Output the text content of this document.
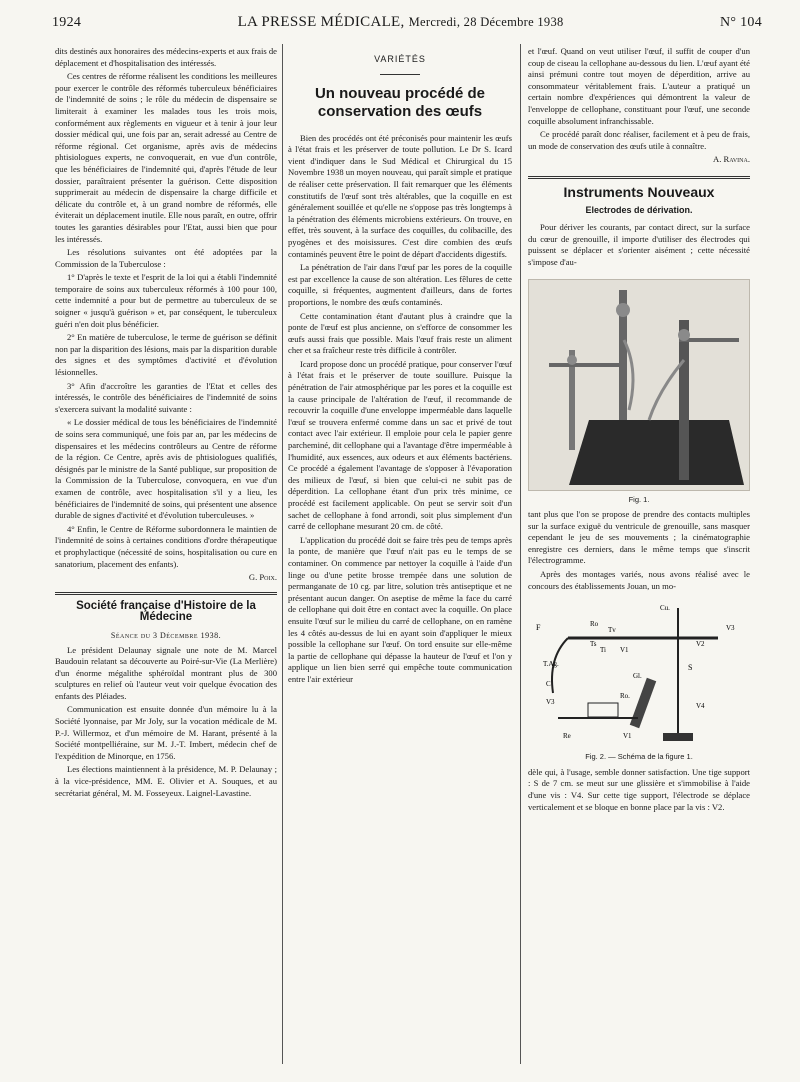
1924	LA PRESSE MÉDICALE, Mercredi, 28 Décembre 1938	N° 104

dits destinés aux honoraires des médecins-experts et aux frais de déplacement et d'hospitalisation des intéressés.

Ces centres de réforme réalisent les conditions les meilleures pour exercer le contrôle des réformés tuberculeux bénéficiaires de l'indemnité de soins ; le rôle du médecin de dispensaire se limiterait à examiner les malades tous les trois mois, conformément aux règlements en vigueur et à tenir à jour leur dossier médical qui, une fois par an, serait adressé au Centre de réforme régional. Cet organisme, après avis de médecins phtisiologues experts, ne convoquerait, en vue d'un contrôle, que les bénéficiaires de l'indemnité qui, d'après l'étude de leur dossier, paraîtraient présenter la guérison. Cette disposition supprimerait au médecin de dispensaire la charge difficile et délicate du contrôle et, à un grand nombre de réformés, elle éviterait un déplacement inutile. Elle nous paraît, en outre, offrir toutes les garanties désirables pour l'Etat, aussi bien que pour les intéressés.

Les résolutions suivantes ont été adoptées par la Commission de la Tuberculose :

1° D'après le texte et l'esprit de la loi qui a établi l'indemnité temporaire de soins aux tuberculeux réformés à 100 pour 100, cette indemnité a pour but de permettre au tuberculeux de se soigner « jusqu'à guérison » et, par conséquent, le tuberculeux guéri n'en doit plus bénéficier.

2° En matière de tuberculose, le terme de guérison se définit non par la disparition des lésions, mais par la disparition durable des signes et des symptômes d'activité et d'évolution lésionnelles.

3° Afin d'accroître les garanties de l'Etat et celles des intéressés, le contrôle des bénéficiaires de l'indemnité de soins s'exercera suivant la modalité suivante :

« Le dossier médical de tous les bénéficiaires de l'indemnité de soins sera communiqué, une fois par an, par les médecins de dispensaires et les médecins contrôleurs au Centre de réforme de la région. Ce Centre, après avis de phtisiologues qualifiés, désignés par le ministre de la Santé publique, sur proposition de la Commission de la Tuberculose, convoquera, en vue d'un examen de contrôle, avec hospitalisation s'il y a lieu, les bénéficiaires de l'indemnité de soins, qui présentent une absence durable de signes d'activité et d'évolution tuberculeuses. »

4° Enfin, le Centre de Réforme subordonnera le maintien de l'indemnité de soins à certaines conditions d'ordre thérapeutique et prophylactique (nécessité de soins, hospitalisation ou cure en sanatorium, placement des enfants).

G. Poix.
Société française d'Histoire de la Médecine
Séance du 3 Décembre 1938.

Le président Delaunay signale une note de M. Marcel Baudouin relatant sa découverte au Poiré-sur-Vie (La Merlière) d'un énorme mégalithe sphéroïdal montrant plus de 300 sculptures en relief où l'auteur veut voir quelque évocation des enfants des Pléiades.

Communication est ensuite donnée d'un mémoire lu à la Société lyonnaise, par Mr Joly, sur la vocation médicale de M. P.-J. Willermoz, et d'un mémoire de M. Harant, présenté à la Société montpelliéraine, sur M. J.-T. Imbert, médecin chef de l'expédition de Minorque, en 1756.

Les élections maintiennent à la présidence, M. P. Delaunay ; à la vice-présidence, MM. E. Olivier et A. Souques, et au secrétariat général, M. M. Fosseyeux. Laignel-Lavastine.

VARIÉTÉS
Un nouveau procédé de conservation des œufs

Bien des procédés ont été préconisés pour maintenir les œufs à l'état frais et les préserver de toute pollution. Le Dr S. Icard vient d'indiquer dans le Sud Médical et Chirurgical du 15 Novembre 1938 un moyen nouveau, qui paraît simple et pratique de réaliser cette préservation. Il fait remarquer que les éléments constitutifs de l'œuf sont très altérables, que la coquille en est généralement souillée et qu'elle ne s'oppose pas très longtemps à la pénétration des éléments microbiens extérieurs. On trouve, en effet, très souvent, à la surface des coquilles, du colibacille, des pyogènes et des moisissures. C'est dire combien des œufs contaminés peuvent être le point de départ d'accidents digestifs.

La pénétration de l'air dans l'œuf par les pores de la coquille est par excellence la cause de son altération. Les fêlures de cette coquille, si fréquentes, augmentent d'ailleurs, dans de fortes proportions, le nombre des œufs contaminés.

Cette contamination étant d'autant plus à craindre que la ponte de l'œuf est plus ancienne, on s'efforce de consommer les œufs aussi frais que possible. Mais l'œuf frais reste un aliment cher et sa fraîcheur reste très difficile à contrôler.

Icard propose donc un procédé pratique, pour conserver l'œuf à l'état frais et le préserver de toute souillure. Puisque la pénétration de l'air atmosphérique par les pores et la coquille est la cause principale de l'altération de l'œuf, il recommande de recouvrir la coquille d'une enveloppe imperméable dans laquelle l'œuf se trouvera enfermé comme dans un sac et privé de tout contact avec l'air extérieur. Il emploie pour cela le papier genre parcheminé, dit cellophane qui a l'avantage d'être imperméable à l'humidité, aux essences, aux odeurs et aux éléments bactériens. Ce procédé a également l'avantage de s'opposer à l'évaporation des milieux de l'œuf, si bien que celui-ci ne subit pas de déperdition. La cellophane étant d'un prix très minime, ce procédé est facilement applicable. On peut se servir soit d'un sachet de cellophane à fond arrondi, soit plus simplement d'un carré de cellophane mesurant 20 cm. de côté.

L'application du procédé doit se faire très peu de temps après la ponte, de manière que l'œuf n'ait pas eu le temps de se contaminer. On commence par nettoyer la coquille à l'aide d'un linge ou d'une petite brosse trempée dans une solution de permanganate de 10 cg. par litre, solution très antiseptique et ne présentant aucun danger. On aseptise de même la face du carré de cellophane qui doit être en contact avec la coquille. On place ensuite l'œuf sur le milieu du carré de cellophane, on en ramène les 4 côtés au-dessus de lui en ayant soin d'appliquer le mieux possible la cellophane sur l'œuf. On tord ensuite sur elle-même la partie de cellophane qui dépasse la hauteur de l'œuf et l'on y applique un lien bien serré qui empêche toute communication entre l'air extérieur

et l'œuf. Quand on veut utiliser l'œuf, il suffit de couper d'un coup de ciseau la cellophane au-dessous du lien. L'œuf ayant été ainsi prémuni contre tout moyen de déperdition, arrive au consommateur véritablement frais. L'auteur a pratiqué un certain nombre d'expériences qui démontrent la valeur de l'enveloppe de cellophane, constituant pour l'œuf, une seconde coquille absolument infranchissable.

Ce procédé paraît donc réaliser, facilement et à peu de frais, un mode de conservation des œufs utile à connaître.

A. Ravina.
Instruments Nouveaux
Electrodes de dérivation.

Pour dériver les courants, par contact direct, sur la surface du cœur de grenouille, il importe d'utiliser des électrodes qui puissent se déplacer et s'orienter aisément ; cette nécessité s'impose d'au-

Fig. 1.

tant plus que l'on se propose de prendre des contacts multiples sur la surface exiguë du ventricule de grenouille, sans masquer cependant le jeu de ses mouvements ; la cinématographie enregistre ces derniers, dans le même temps que s'inscrit l'électrogramme.

Après des montages variés, nous avons réalisé avec le concours des établissements Jouan, un mo-

F	Ro
Tv
Cu.
V3
V2
Ts
Ti V1
T.Ag.	S
C
Gl.
Ro.
V4
V3
Re	V1
Fig. 2. — Schéma de la figure 1.

dèle qui, à l'usage, semble donner satisfaction. Une tige support : S de 7 cm. se meut sur une glissière et s'immobilise à l'aide d'une vis : V4. Sur cette tige support, l'électrode se déplace verticalement et se bloque en bonne place par la vis : V2.
